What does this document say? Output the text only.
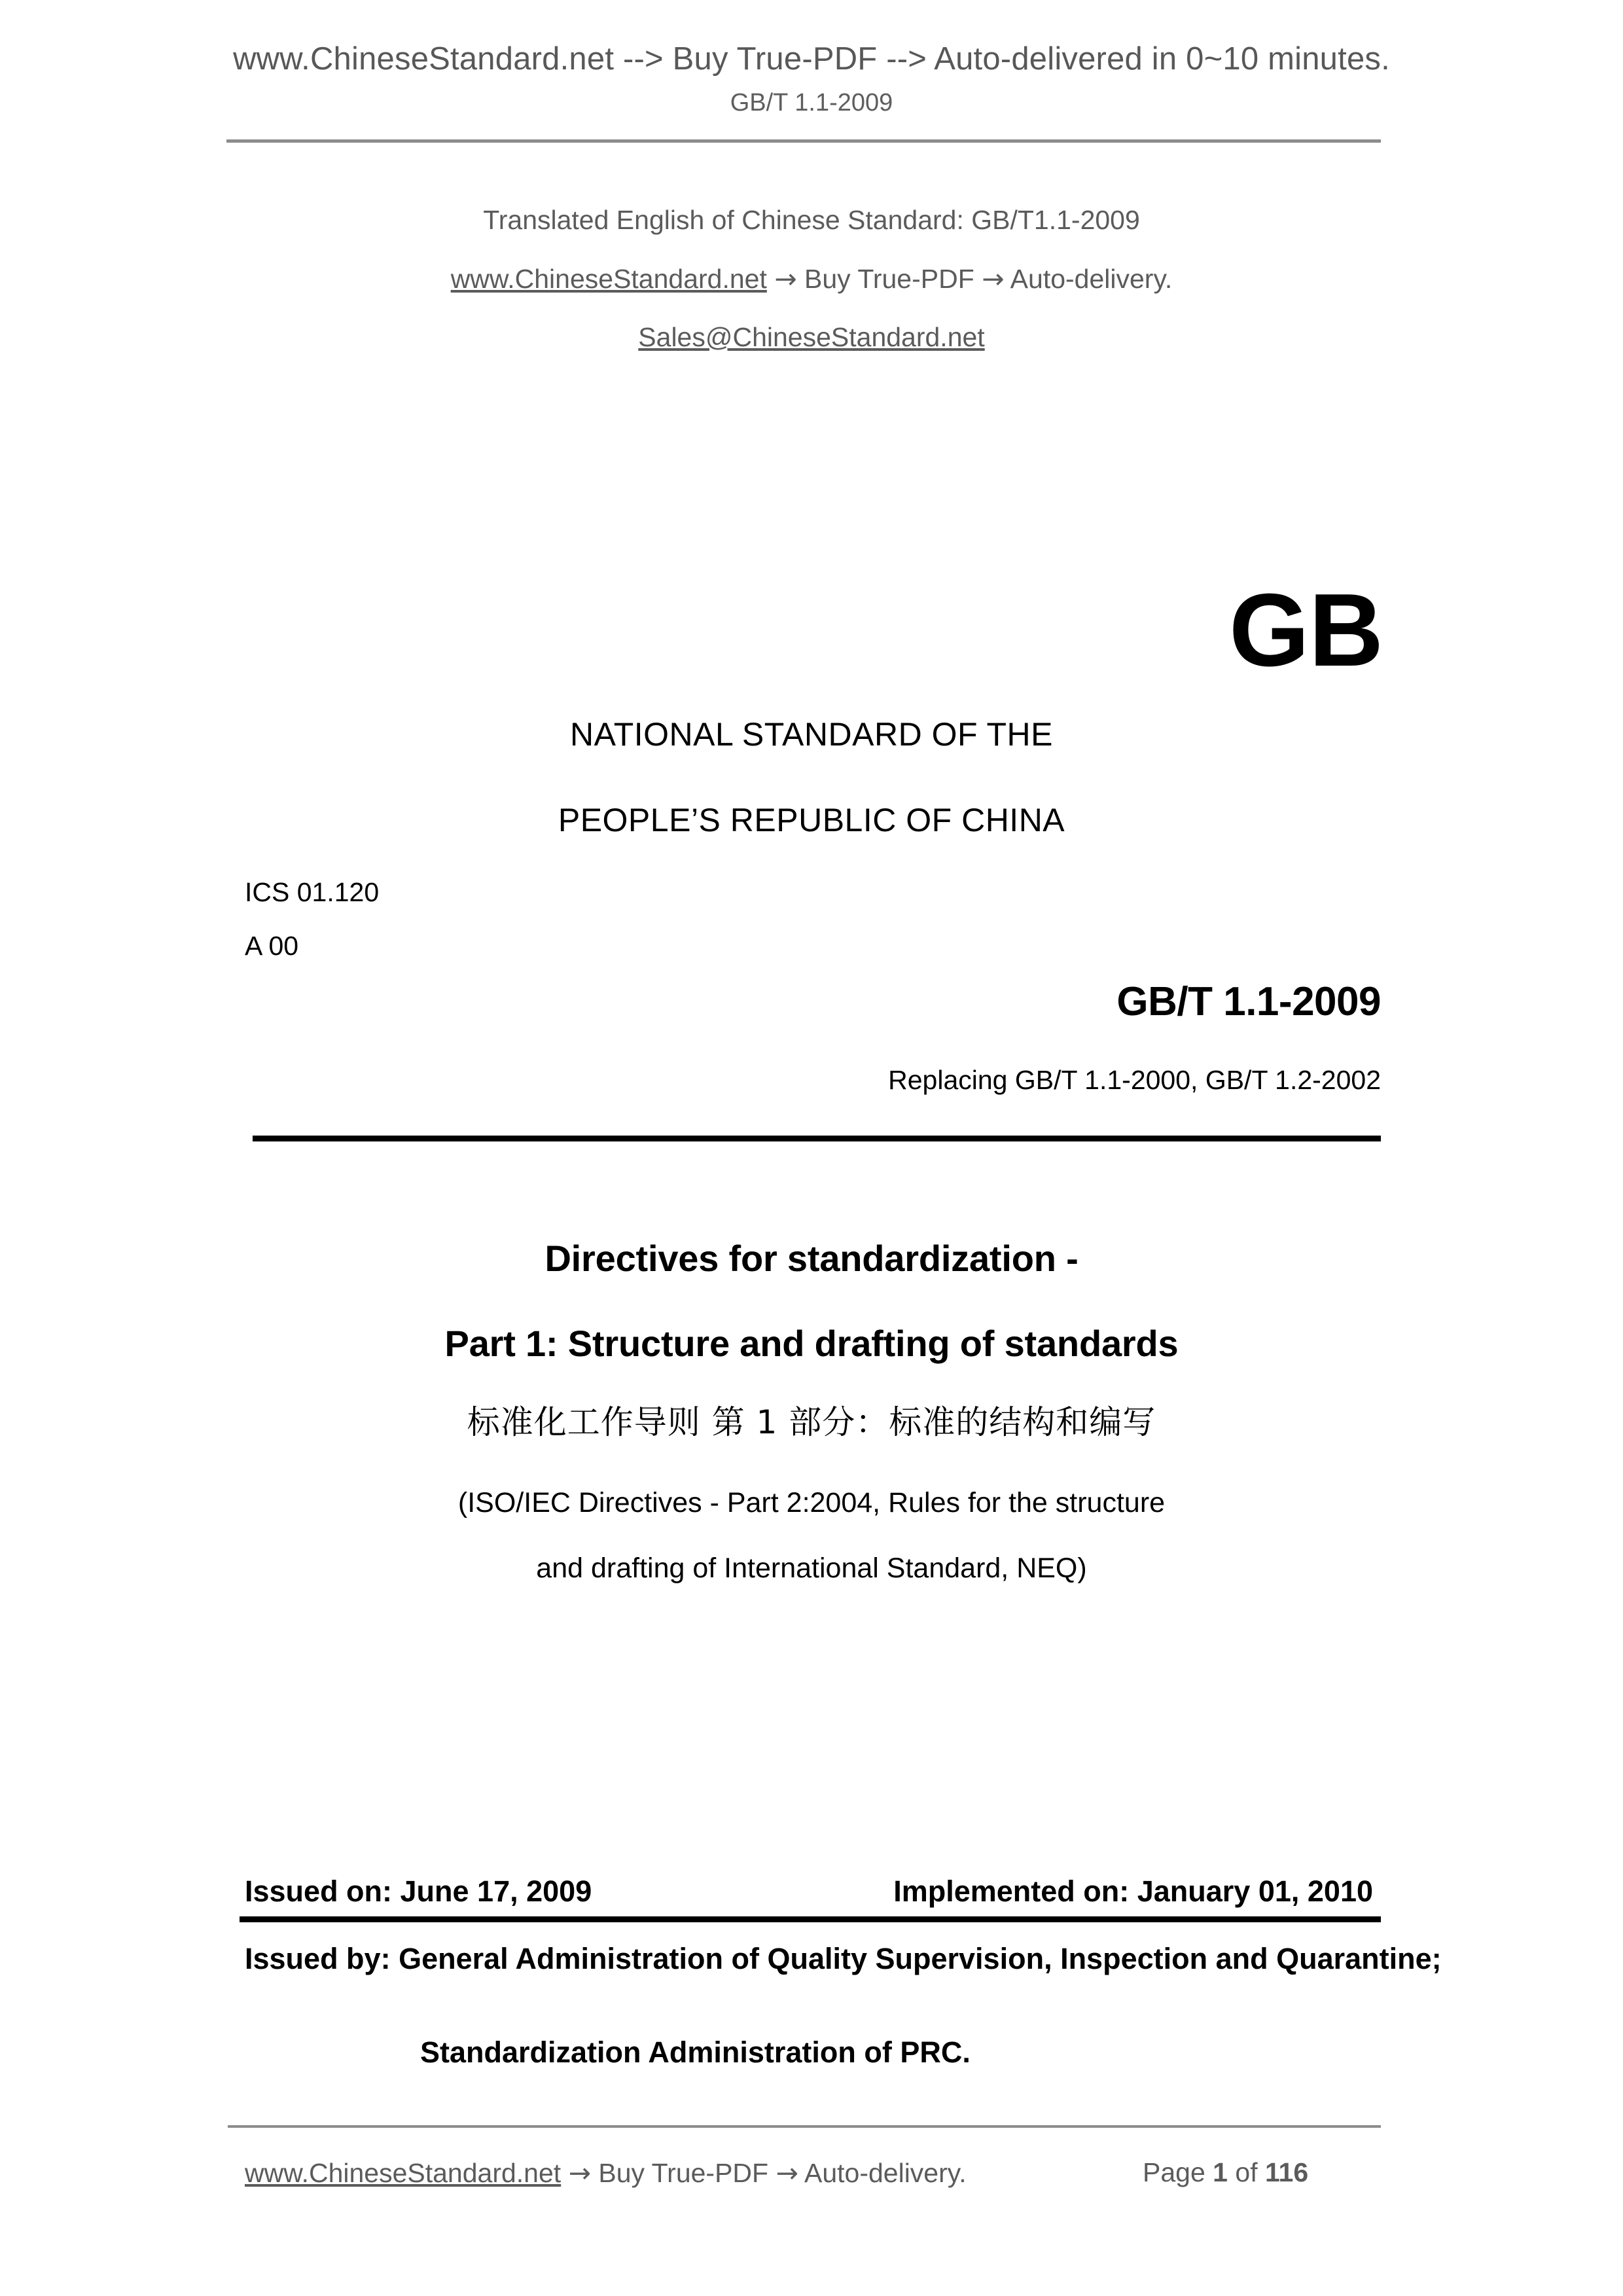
www.ChineseStandard.net --> Buy True-PDF --> Auto-delivered in 0~10 minutes.
GB/T 1.1-2009
Translated English of Chinese Standard: GB/T1.1-2009
www.ChineseStandard.net → Buy True-PDF → Auto-delivery.
Sales@ChineseStandard.net
GB
NATIONAL STANDARD OF THE
PEOPLE’S REPUBLIC OF CHINA
ICS 01.120
A 00
GB/T 1.1-2009
Replacing GB/T 1.1-2000, GB/T 1.2-2002
Directives for standardization -
Part 1: Structure and drafting of standards
标准化工作导则 第 1 部分：标准的结构和编写
(ISO/IEC Directives - Part 2:2004, Rules for the structure
and drafting of International Standard, NEQ)
Issued on: June 17, 2009	Implemented on: January 01, 2010
Issued by: General Administration of Quality Supervision, Inspection and Quarantine;
Standardization Administration of PRC.
www.ChineseStandard.net → Buy True-PDF → Auto-delivery.	Page 1 of 116
